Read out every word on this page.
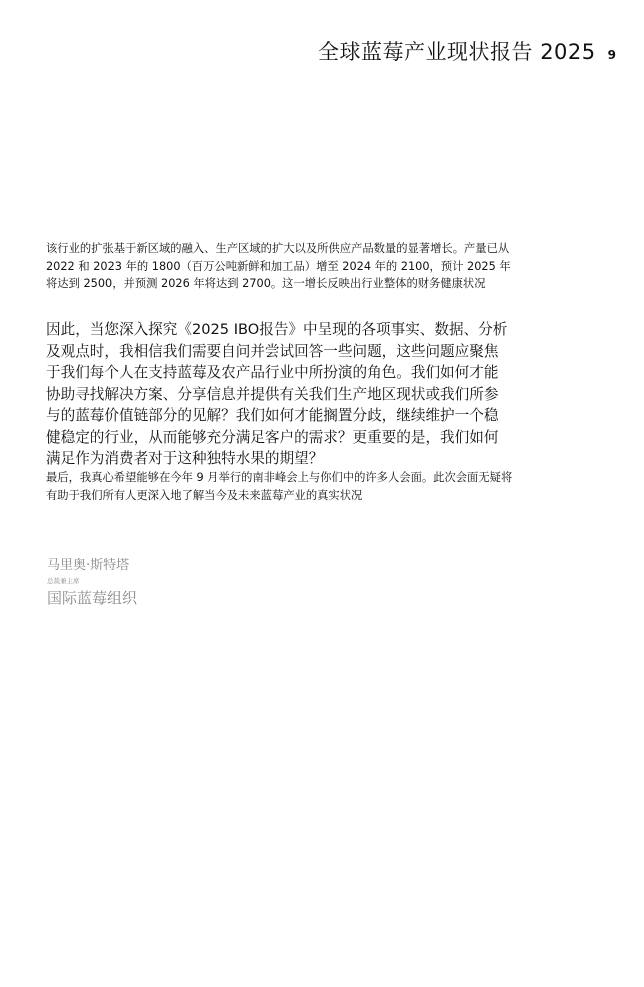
全球蓝莓产业现状报告 2025 9

该行业的扩张基于新区域的融入、生产区域的扩大以及所供应产品数量的显著增长。产量已从 2022 和 2023 年的 1800（百万公吨新鲜和加工品）增至 2024 年的 2100，预计 2025 年将达到 2500，并预测 2026 年将达到 2700。这一增长反映出行业整体的财务健康状况

因此，当您深入探究《2025 IBO报告》中呈现的各项事实、数据、分析及观点时，我相信我们需要自问并尝试回答一些问题，这些问题应聚焦于我们每个人在支持蓝莓及农产品行业中所扮演的角色。我们如何才能协助寻找解决方案、分享信息并提供有关我们生产地区现状或我们所参与的蓝莓价值链部分的见解？我们如何才能搁置分歧，继续维护一个稳健稳定的行业，从而能够充分满足客户的需求？更重要的是，我们如何满足作为消费者对于这种独特水果的期望？

最后，我真心希望能够在今年 9 月举行的南非峰会上与你们中的许多人会面。此次会面无疑将有助于我们所有人更深入地了解当今及未来蓝莓产业的真实状况

马里奥·斯特塔
总裁兼主席
国际蓝莓组织
